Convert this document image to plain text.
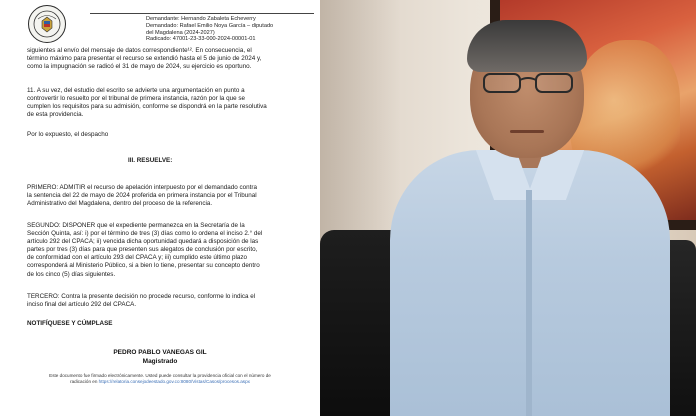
Demandante: Hernando Zabaleta Echeverry
Demandado: Rafael Emilio Noya García – diputado
del Magdalena (2024-2027)
Radicado: 47001-23-33-000-2024-00001-01
siguientes al envío del mensaje de datos correspondiente¹². En consecuencia, el
término máximo para presentar el recurso se extendió hasta el 5 de junio de 2024 y,
como la impugnación se radicó el 31 de mayo de 2024, su ejercicio es oportuno.
11. A su vez, del estudio del escrito se advierte una argumentación en punto a
controvertir lo resuelto por el tribunal de primera instancia, razón por la que se
cumplen los requisitos para su admisión, conforme se dispondrá en la parte resolutiva
de esta providencia.
Por lo expuesto, el despacho
III. RESUELVE:
PRIMERO: ADMITIR el recurso de apelación interpuesto por el demandado contra
la sentencia del 22 de mayo de 2024 proferida en primera instancia por el Tribunal
Administrativo del Magdalena, dentro del proceso de la referencia.
SEGUNDO: DISPONER que el expediente permanezca en la Secretaría de la
Sección Quinta, así: i) por el término de tres (3) días como lo ordena el inciso 2.° del
artículo 292 del CPACA; ii) vencida dicha oportunidad quedará a disposición de las
partes por tres (3) días para que presenten sus alegatos de conclusión por escrito,
de conformidad con el artículo 293 del CPACA y; iii) cumplido este último plazo
corresponderá al Ministerio Público, si a bien lo tiene, presentar su concepto dentro
de los cinco (5) días siguientes.
TERCERO: Contra la presente decisión no procede recurso, conforme lo indica el
inciso final del artículo 292 del CPACA.
NOTIFÍQUESE Y CÚMPLASE
PEDRO PABLO VANEGAS GIL
Magistrado
Este documento fue firmado electrónicamente. Usted puede consultar la providencia oficial con el número de
radicación en https://relatoria.consejodeestado.gov.co:8080/Vistas/Casos/procesos.aspx
